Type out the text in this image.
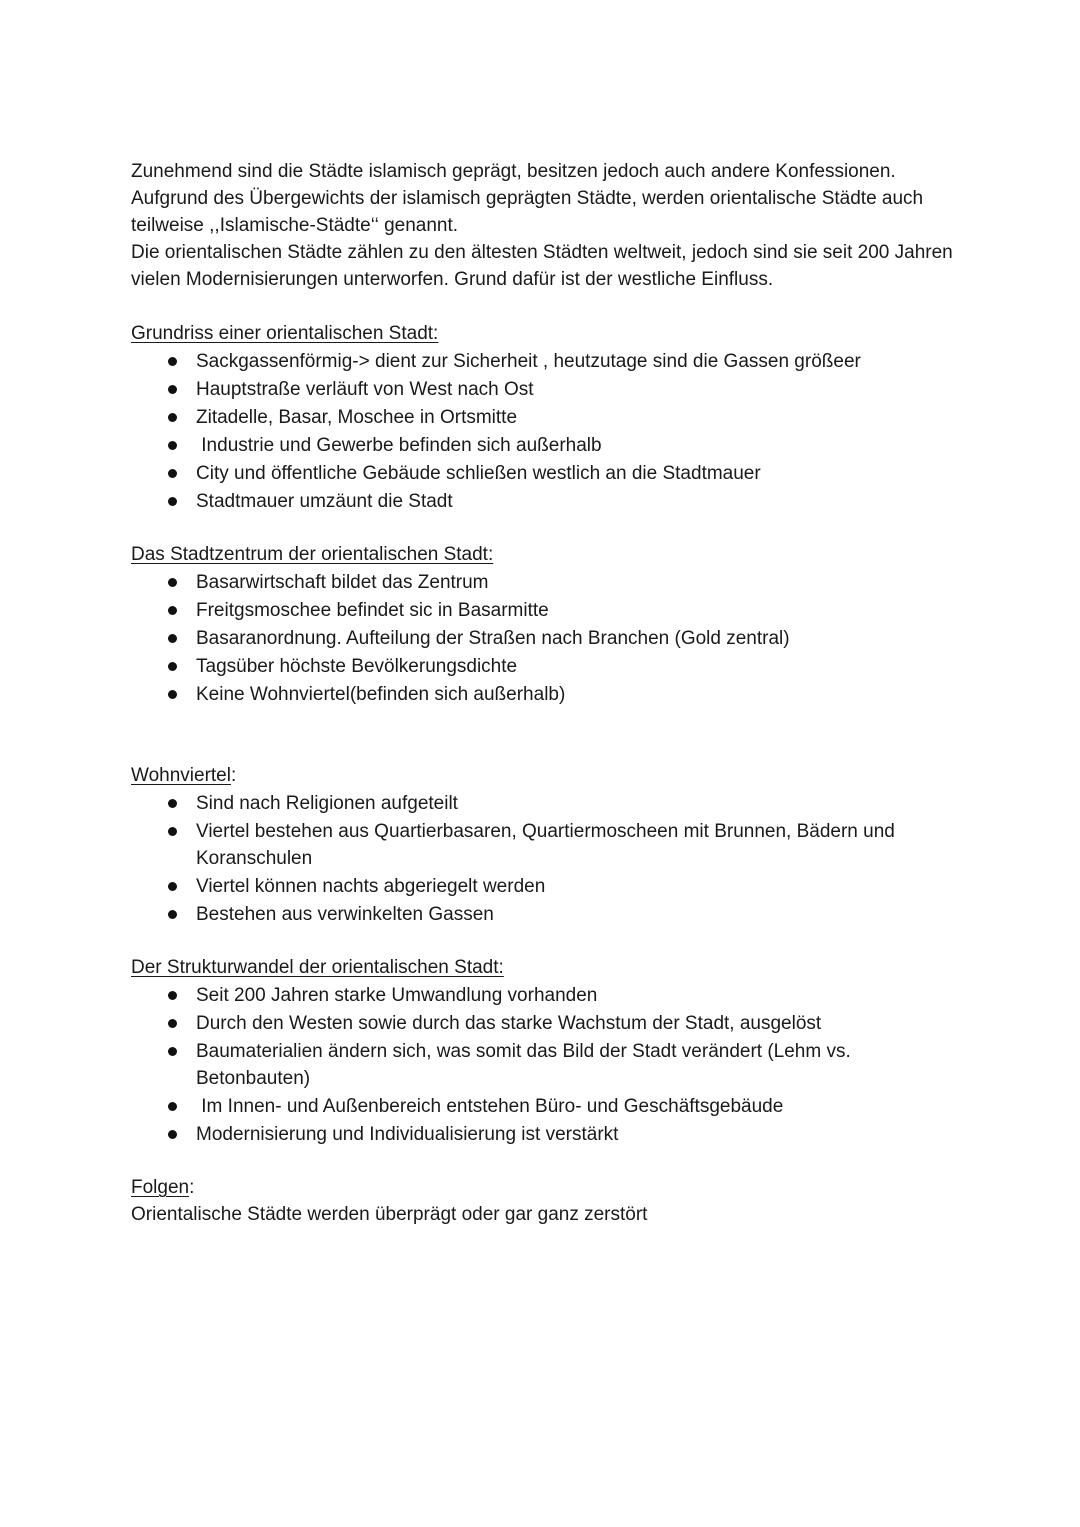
Zunehmend sind die Städte islamisch geprägt, besitzen jedoch auch andere Konfessionen. Aufgrund des Übergewichts der islamisch geprägten Städte, werden orientalische Städte auch teilweise ,,Islamische-Städte‘‘ genannt.

Die orientalischen Städte zählen zu den ältesten Städten weltweit, jedoch sind sie seit 200 Jahren vielen Modernisierungen unterworfen. Grund dafür ist der westliche Einfluss.

Grundriss einer orientalischen Stadt:

Sackgassenförmig-> dient zur Sicherheit , heutzutage sind die Gassen größeer
Hauptstraße verläuft von West nach Ost
Zitadelle, Basar, Moschee in Ortsmitte
Industrie und Gewerbe befinden sich außerhalb
City und öffentliche Gebäude schließen westlich an die Stadtmauer
Stadtmauer umzäunt die Stadt

Das Stadtzentrum der orientalischen Stadt:

Basarwirtschaft bildet das Zentrum
Freitgsmoschee befindet sic in Basarmitte
Basaranordnung. Aufteilung der Straßen nach Branchen (Gold zentral)
Tagsüber höchste Bevölkerungsdichte
Keine Wohnviertel(befinden sich außerhalb)

Wohnviertel:

Sind nach Religionen aufgeteilt
Viertel bestehen aus Quartierbasaren, Quartiermoscheen mit Brunnen, Bädern und Koranschulen
Viertel können nachts abgeriegelt werden
Bestehen aus verwinkelten Gassen

Der Strukturwandel der orientalischen Stadt:

Seit 200 Jahren starke Umwandlung vorhanden
Durch den Westen sowie durch das starke Wachstum der Stadt, ausgelöst
Baumaterialien ändern sich, was somit das Bild der Stadt verändert (Lehm vs. Betonbauten)
Im Innen- und Außenbereich entstehen Büro- und Geschäftsgebäude
Modernisierung und Individualisierung ist verstärkt

Folgen:

Orientalische Städte werden überprägt oder gar ganz zerstört
